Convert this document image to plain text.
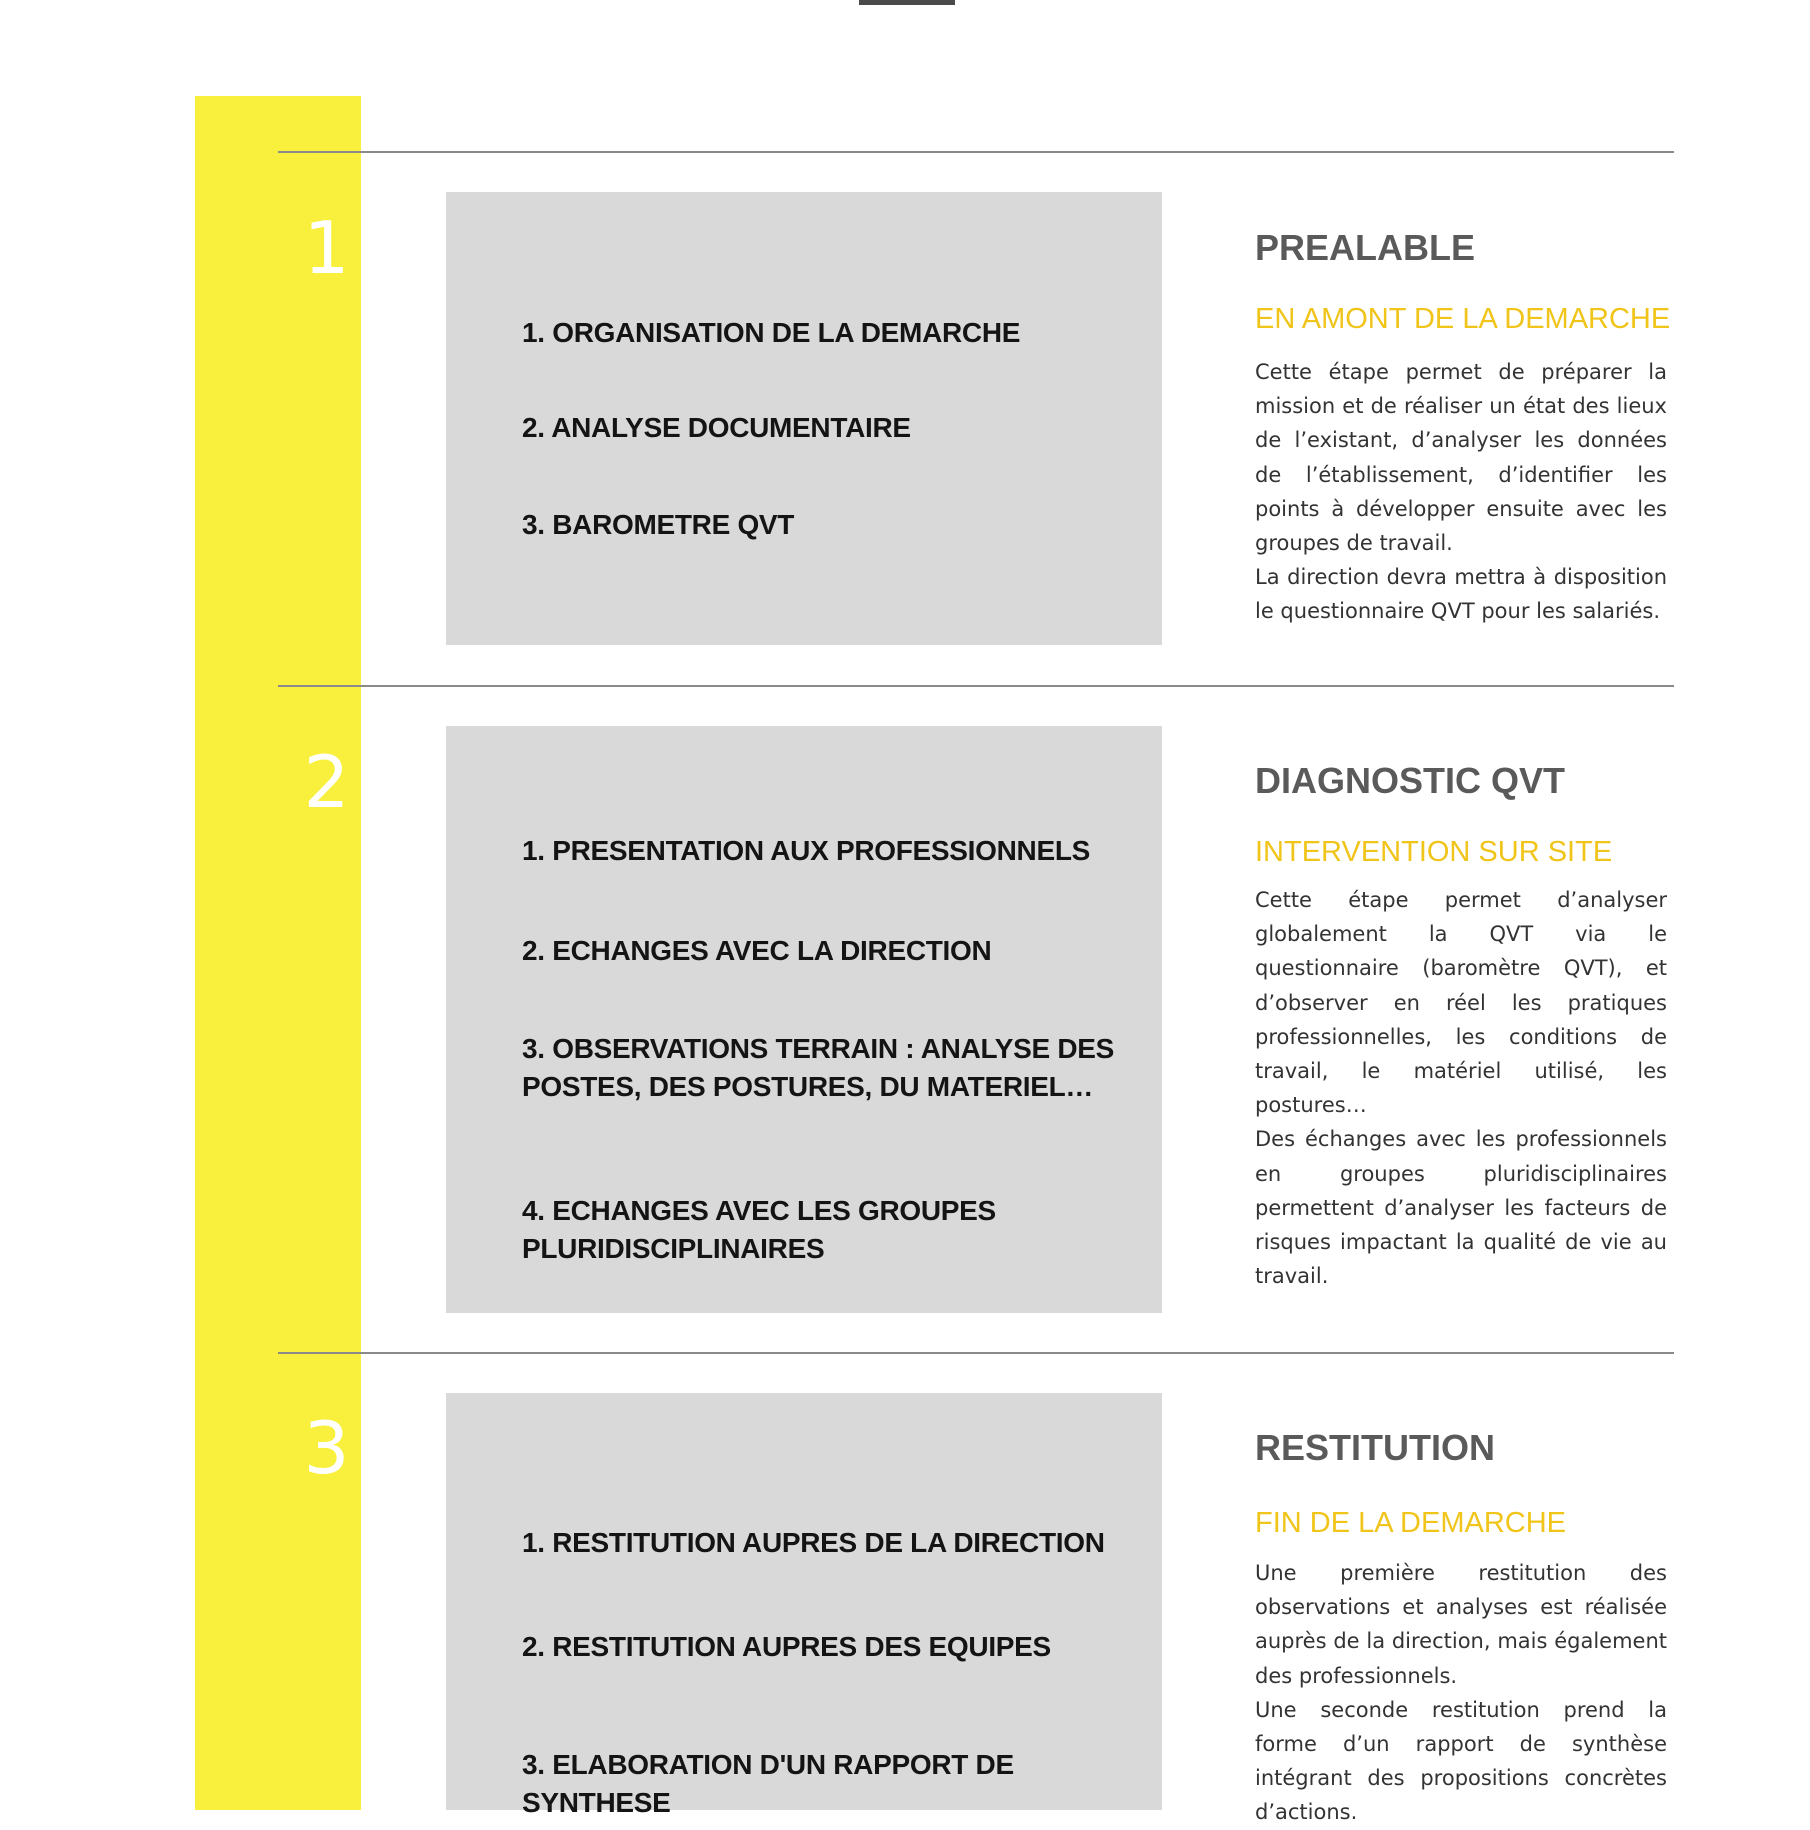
1
1. ORGANISATION DE LA DEMARCHE
2. ANALYSE DOCUMENTAIRE
3. BAROMETRE QVT
PREALABLE
EN AMONT DE LA DEMARCHE

Cette étape permet de préparer la mission et de réaliser un état des lieux de l’existant, d’analyser les données de l’établissement, d’identifier les points à développer ensuite avec les groupes de travail.

La direction devra mettra à disposition le questionnaire QVT pour les salariés.

2
1. PRESENTATION AUX PROFESSIONNELS
2. ECHANGES AVEC LA DIRECTION
3. OBSERVATIONS TERRAIN : ANALYSE DES POSTES, DES POSTURES, DU MATERIEL…
4. ECHANGES AVEC LES GROUPES PLURIDISCIPLINAIRES
DIAGNOSTIC QVT
INTERVENTION SUR SITE

Cette étape permet d’analyser globalement la QVT via le questionnaire (baromètre QVT), et d’observer en réel les pratiques professionnelles, les conditions de travail, le matériel utilisé, les postures…

Des échanges avec les professionnels en groupes pluridisciplinaires permettent d’analyser les facteurs de risques impactant la qualité de vie au travail.

3
1. RESTITUTION AUPRES DE LA DIRECTION
2. RESTITUTION AUPRES DES EQUIPES
3. ELABORATION D'UN RAPPORT DE SYNTHESE
RESTITUTION
FIN DE LA DEMARCHE

Une première restitution des observations et analyses est réalisée auprès de la direction, mais également des professionnels.

Une seconde restitution prend la forme d’un rapport de synthèse intégrant des propositions concrètes d’actions.
